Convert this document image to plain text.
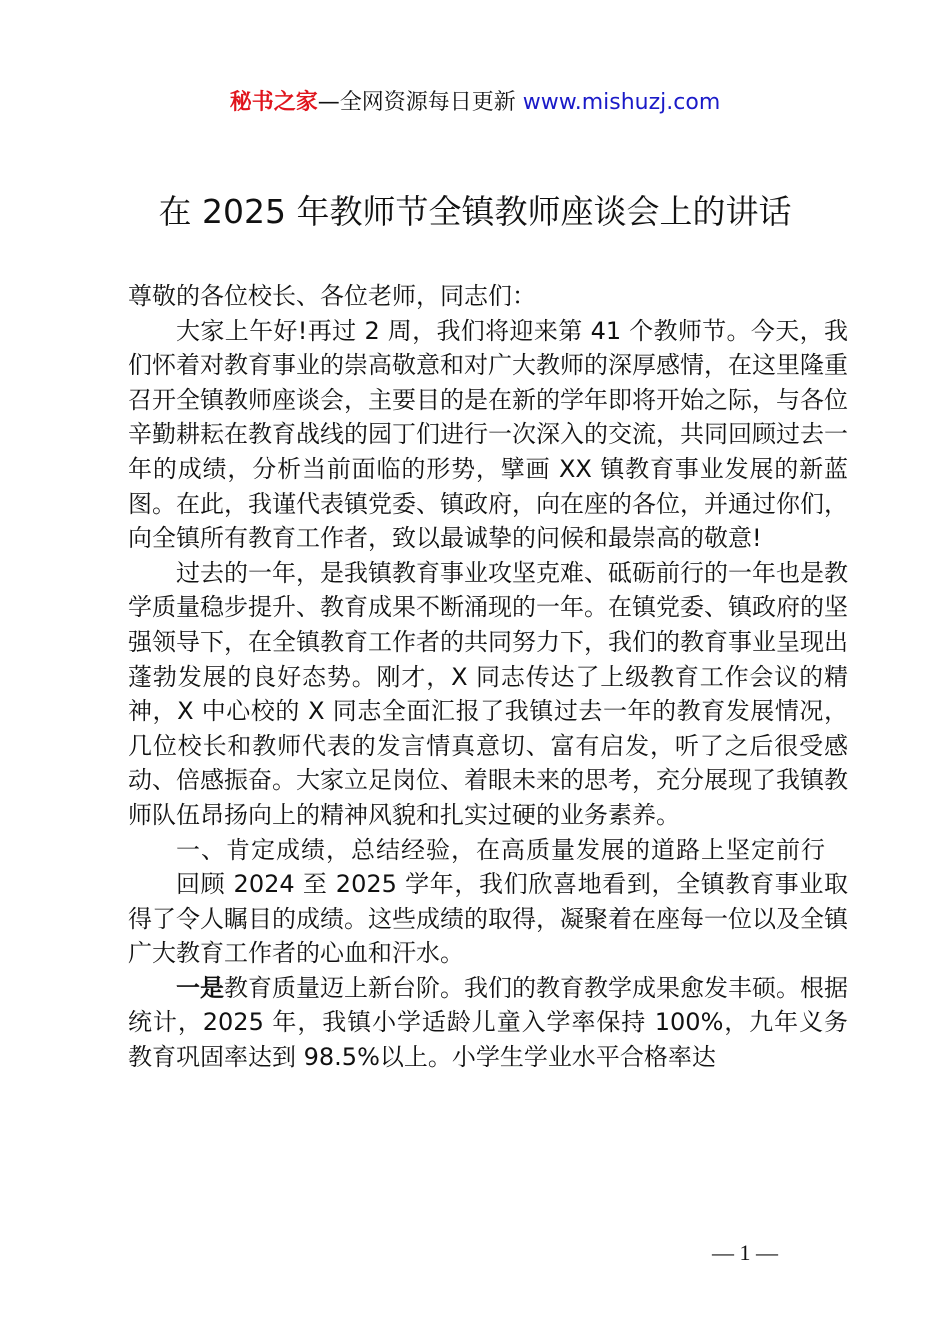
秘书之家—全网资源每日更新 www.mishuzj.com
在 2025 年教师节全镇教师座谈会上的讲话

尊敬的各位校长、各位老师，同志们：

大家上午好!再过 2 周，我们将迎来第 41 个教师节。今天，我们怀着对教育事业的崇高敬意和对广大教师的深厚感情，在这里隆重召开全镇教师座谈会，主要目的是在新的学年即将开始之际，与各位辛勤耕耘在教育战线的园丁们进行一次深入的交流，共同回顾过去一年的成绩，分析当前面临的形势，擘画 XX 镇教育事业发展的新蓝图。在此，我谨代表镇党委、镇政府，向在座的各位，并通过你们，向全镇所有教育工作者，致以最诚挚的问候和最崇高的敬意!

过去的一年，是我镇教育事业攻坚克难、砥砺前行的一年也是教学质量稳步提升、教育成果不断涌现的一年。在镇党委、镇政府的坚强领导下，在全镇教育工作者的共同努力下，我们的教育事业呈现出蓬勃发展的良好态势。刚才，X 同志传达了上级教育工作会议的精神，X 中心校的 X 同志全面汇报了我镇过去一年的教育发展情况，几位校长和教师代表的发言情真意切、富有启发，听了之后很受感动、倍感振奋。大家立足岗位、着眼未来的思考，充分展现了我镇教师队伍昂扬向上的精神风貌和扎实过硬的业务素养。

一、肯定成绩，总结经验，在高质量发展的道路上坚定前行

回顾 2024 至 2025 学年，我们欣喜地看到，全镇教育事业取得了令人瞩目的成绩。这些成绩的取得，凝聚着在座每一位以及全镇广大教育工作者的心血和汗水。

一是教育质量迈上新台阶。我们的教育教学成果愈发丰硕。根据统计，2025 年，我镇小学适龄儿童入学率保持 100%，九年义务教育巩固率达到 98.5%以上。小学生学业水平合格率达

— 1 —
